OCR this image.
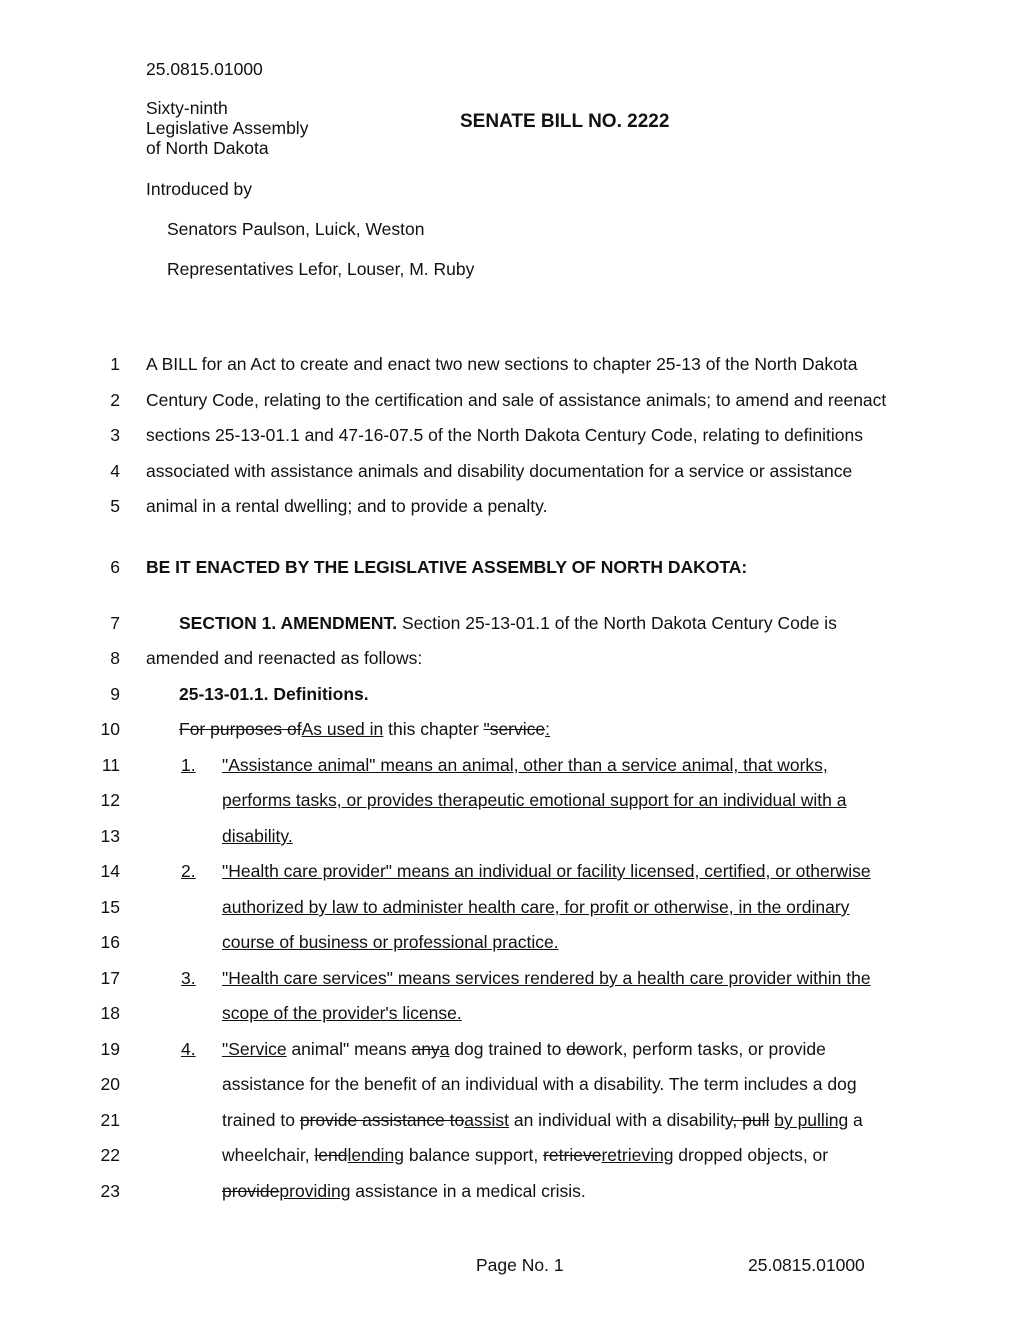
25.0815.01000
Sixty-ninth
Legislative Assembly
of North Dakota
SENATE BILL NO. 2222
Introduced by
Senators Paulson, Luick, Weston
Representatives Lefor, Louser, M. Ruby
1 A BILL for an Act to create and enact two new sections to chapter 25-13 of the North Dakota
2 Century Code, relating to the certification and sale of assistance animals; to amend and reenact
3 sections 25-13-01.1 and 47-16-07.5 of the North Dakota Century Code, relating to definitions
4 associated with assistance animals and disability documentation for a service or assistance
5 animal in a rental dwelling; and to provide a penalty.
6 BE IT ENACTED BY THE LEGISLATIVE ASSEMBLY OF NORTH DAKOTA:
7	SECTION 1. AMENDMENT. Section 25-13-01.1 of the North Dakota Century Code is
8 amended and reenacted as follows:
9	25-13-01.1. Definitions.
10	For purposes ofAs used in this chapter "service:
11	1. "Assistance animal" means an animal, other than a service animal, that works,
12	performs tasks, or provides therapeutic emotional support for an individual with a
13	disability.
14	2. "Health care provider" means an individual or facility licensed, certified, or otherwise
15	authorized by law to administer health care, for profit or otherwise, in the ordinary
16	course of business or professional practice.
17	3. "Health care services" means services rendered by a health care provider within the
18	scope of the provider's license.
19	4. "Service animal" means anya dog trained to dowork, perform tasks, or provide
20	assistance for the benefit of an individual with a disability. The term includes a dog
21	trained to provide assistance toassist an individual with a disability, pull by pulling a
22	wheelchair, lendlending balance support, retrieveretrieving dropped objects, or
23	provideproviding assistance in a medical crisis.
Page No. 1	25.0815.01000
